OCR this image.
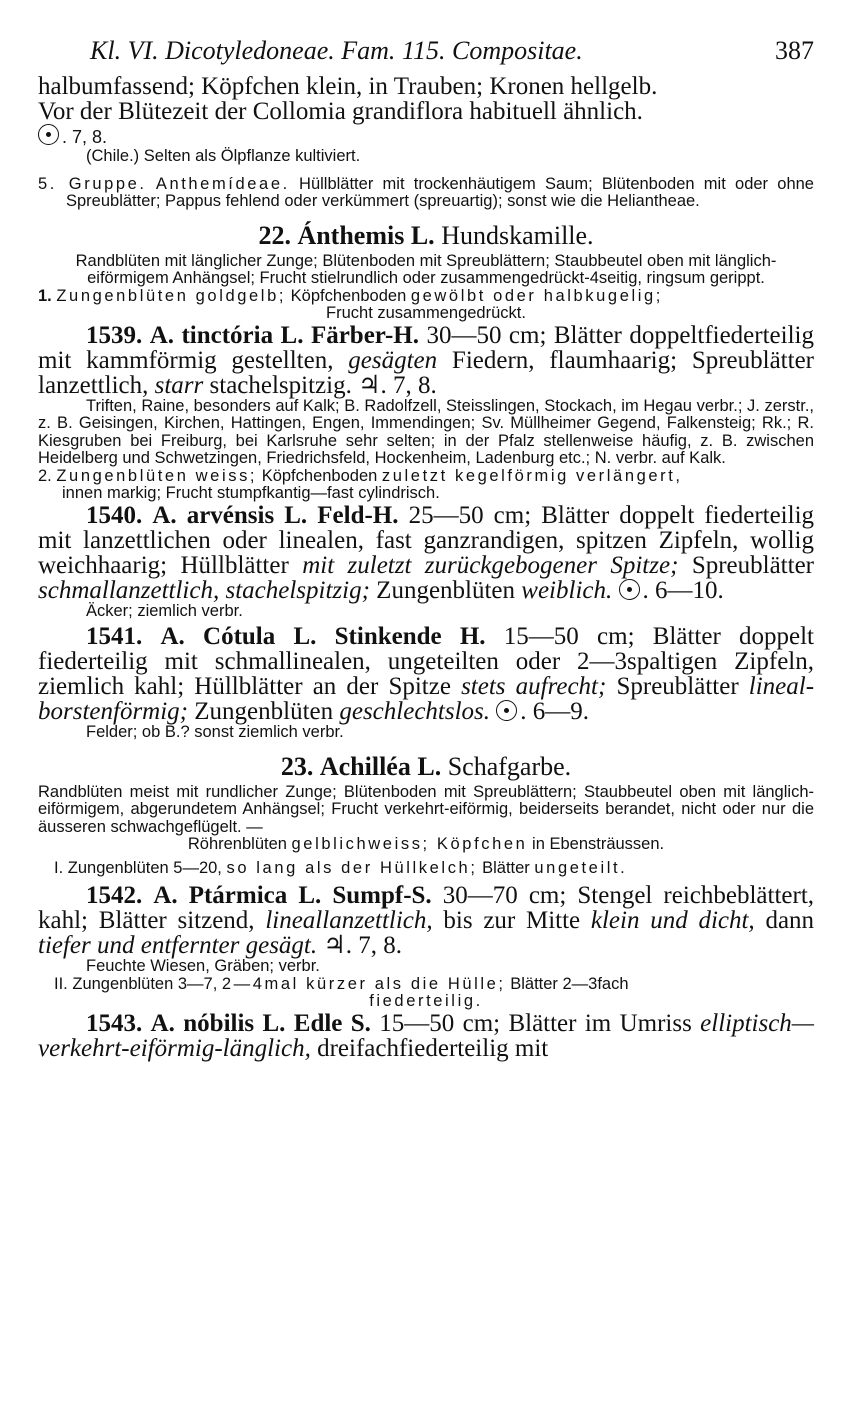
Kl. VI. Dicotyledoneae. Fam. 115. Compositae.	387
halbumfassend; Köpfchen klein, in Trauben; Kronen hellgelb.
Vor der Blütezeit der Collomia grandiflora habituell ähnlich.
. 7, 8.

(Chile.) Selten als Ölpflanze kultiviert.

5. Gruppe. Anthemídeae. Hüllblätter mit trockenhäutigem Saum; Blütenboden mit oder ohne Spreublätter; Pappus fehlend oder verkümmert (spreuartig); sonst wie die Heliantheae.

22. Ánthemis L. Hundskamille.

Randblüten mit länglicher Zunge; Blütenboden mit Spreublättern; Staubbeutel oben mit länglich-eiförmigem Anhängsel; Frucht stielrundlich oder zusammengedrückt-4seitig, ringsum gerippt.

1. Zungenblüten goldgelb; Köpfchenboden gewölbt oder halbkugelig;

Frucht zusammengedrückt.

1539. A. tinctória L. Färber-H. 30—50 cm; Blätter doppeltfiederteilig mit kammförmig gestellten, gesägten Fiedern, flaumhaarig; Spreublätter lanzettlich, starr stachelspitzig. ♃. 7, 8.

Triften, Raine, besonders auf Kalk; B. Radolfzell, Steisslingen, Stockach, im Hegau verbr.; J. zerstr., z. B. Geisingen, Kirchen, Hattingen, Engen, Immendingen; Sv. Müllheimer Gegend, Falkensteig; Rk.; R. Kiesgruben bei Freiburg, bei Karlsruhe sehr selten; in der Pfalz stellenweise häufig, z. B. zwischen Heidelberg und Schwetzingen, Friedrichsfeld, Hockenheim, Ladenburg etc.; N. verbr. auf Kalk.

2. Zungenblüten weiss; Köpfchenboden zuletzt kegelförmig verlängert,

innen markig; Frucht stumpfkantig—fast cylindrisch.

1540. A. arvénsis L. Feld-H. 25—50 cm; Blätter doppelt fiederteilig mit lanzettlichen oder linealen, fast ganzrandigen, spitzen Zipfeln, wollig weichhaarig; Hüllblätter mit zuletzt zurückgebogener Spitze; Spreublätter schmallanzettlich, stachelspitzig; Zungenblüten weiblich. . 6—10.

Äcker; ziemlich verbr.

1541. A. Cótula L. Stinkende H. 15—50 cm; Blätter doppelt fiederteilig mit schmallinealen, ungeteilten oder 2—3spaltigen Zipfeln, ziemlich kahl; Hüllblätter an der Spitze stets aufrecht; Spreublätter lineal-borstenförmig; Zungenblüten geschlechtslos. . 6—9.

Felder; ob B.? sonst ziemlich verbr.

23. Achilléa L. Schafgarbe.

Randblüten meist mit rundlicher Zunge; Blütenboden mit Spreublättern; Staubbeutel oben mit länglich-eiförmigem, abgerundetem Anhängsel; Frucht verkehrt-eiförmig, beiderseits berandet, nicht oder nur die äusseren schwachgeflügelt. —

Röhrenblüten gelblichweiss; Köpfchen in Ebensträussen.

I. Zungenblüten 5—20, so lang als der Hüllkelch; Blätter ungeteilt.

1542. A. Ptármica L. Sumpf-S. 30—70 cm; Stengel reichbeblättert, kahl; Blätter sitzend, lineallanzettlich, bis zur Mitte klein und dicht, dann tiefer und entfernter gesägt. ♃. 7, 8.

Feuchte Wiesen, Gräben; verbr.

II. Zungenblüten 3—7, 2—4mal kürzer als die Hülle; Blätter 2—3fach

fiederteilig.

1543. A. nóbilis L. Edle S. 15—50 cm; Blätter im Umriss elliptisch—verkehrt-eiförmig-länglich, dreifachfiederteilig mit
